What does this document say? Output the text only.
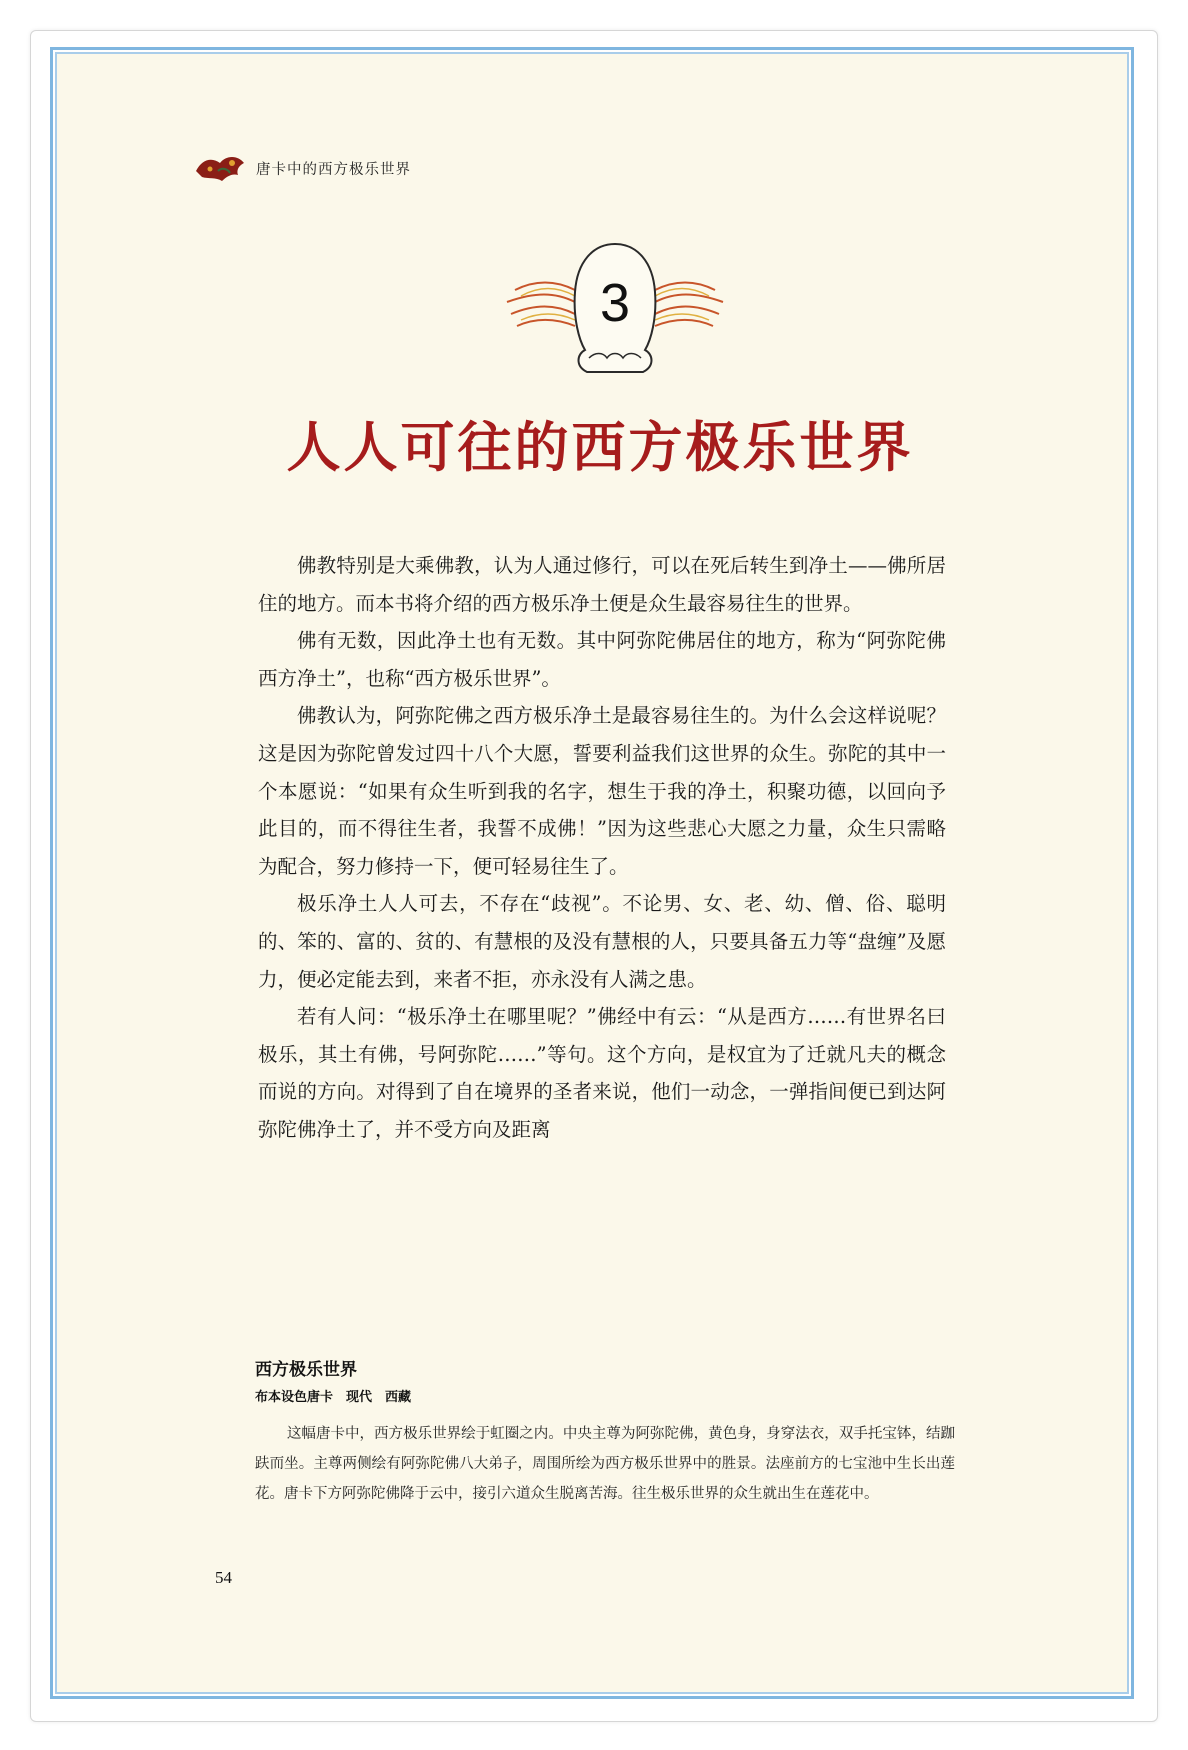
唐卡中的西方极乐世界
3
人人可往的西方极乐世界

佛教特别是大乘佛教，认为人通过修行，可以在死后转生到净土——佛所居住的地方。而本书将介绍的西方极乐净土便是众生最容易往生的世界。

佛有无数，因此净土也有无数。其中阿弥陀佛居住的地方，称为“阿弥陀佛西方净土”，也称“西方极乐世界”。

佛教认为，阿弥陀佛之西方极乐净土是最容易往生的。为什么会这样说呢？这是因为弥陀曾发过四十八个大愿，誓要利益我们这世界的众生。弥陀的其中一个本愿说：“如果有众生听到我的名字，想生于我的净土，积聚功德，以回向予此目的，而不得往生者，我誓不成佛！”因为这些悲心大愿之力量，众生只需略为配合，努力修持一下，便可轻易往生了。

极乐净土人人可去，不存在“歧视”。不论男、女、老、幼、僧、俗、聪明的、笨的、富的、贫的、有慧根的及没有慧根的人，只要具备五力等“盘缠”及愿力，便必定能去到，来者不拒，亦永没有人满之患。

若有人问：“极乐净土在哪里呢？”佛经中有云：“从是西方……有世界名曰极乐，其土有佛，号阿弥陀……”等句。这个方向，是权宜为了迁就凡夫的概念而说的方向。对得到了自在境界的圣者来说，他们一动念，一弹指间便已到达阿弥陀佛净土了，并不受方向及距离

西方极乐世界
布本设色唐卡　现代　西藏
这幅唐卡中，西方极乐世界绘于虹圈之内。中央主尊为阿弥陀佛，黄色身，身穿法衣，双手托宝钵，结跏趺而坐。主尊两侧绘有阿弥陀佛八大弟子，周围所绘为西方极乐世界中的胜景。法座前方的七宝池中生长出莲花。唐卡下方阿弥陀佛降于云中，接引六道众生脱离苦海。往生极乐世界的众生就出生在莲花中。
54
